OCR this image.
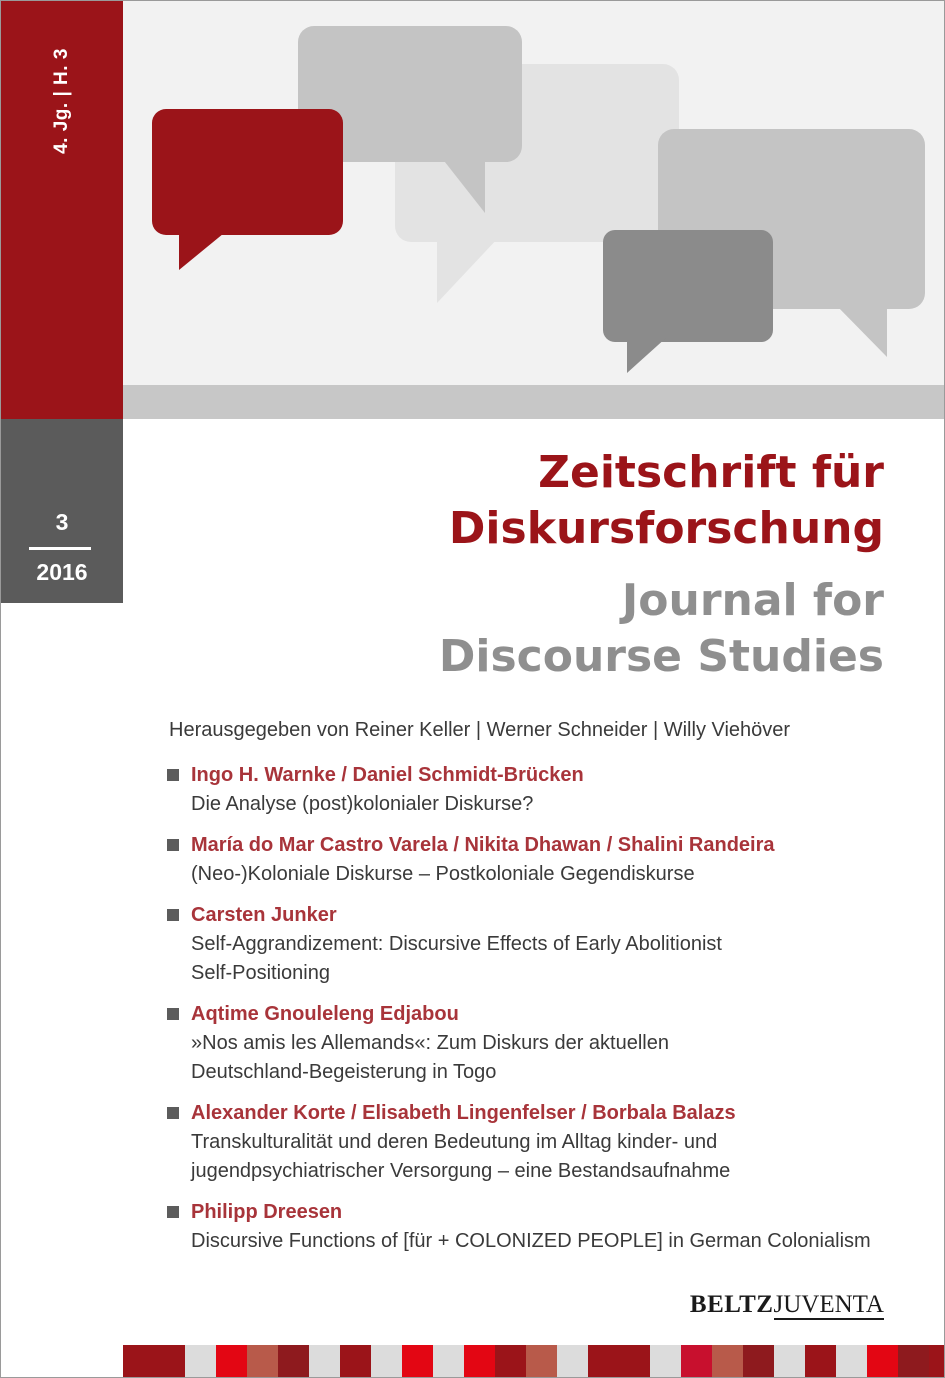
4. Jg. | H. 3
3
2016
Zeitschrift für
Diskursforschung
Journal for
Discourse Studies
Herausgegeben von Reiner Keller | Werner Schneider | Willy Viehöver
Ingo H. Warnke / Daniel Schmidt-Brücken
Die Analyse (post)kolonialer Diskurse?
María do Mar Castro Varela / Nikita Dhawan / Shalini Randeira
(Neo-)Koloniale Diskurse – Postkoloniale Gegendiskurse
Carsten Junker
Self-Aggrandizement: Discursive Effects of Early Abolitionist
Self-Positioning
Aqtime Gnouleleng Edjabou
»Nos amis les Allemands«: Zum Diskurs der aktuellen
Deutschland-Begeisterung in Togo
Alexander Korte / Elisabeth Lingenfelser / Borbala Balazs
Transkulturalität und deren Bedeutung im Alltag kinder- und
jugendpsychiatrischer Versorgung – eine Bestandsaufnahme
Philipp Dreesen
Discursive Functions of [für + COLONIZED PEOPLE] in German Colonialism
BELTZJUVENTA
